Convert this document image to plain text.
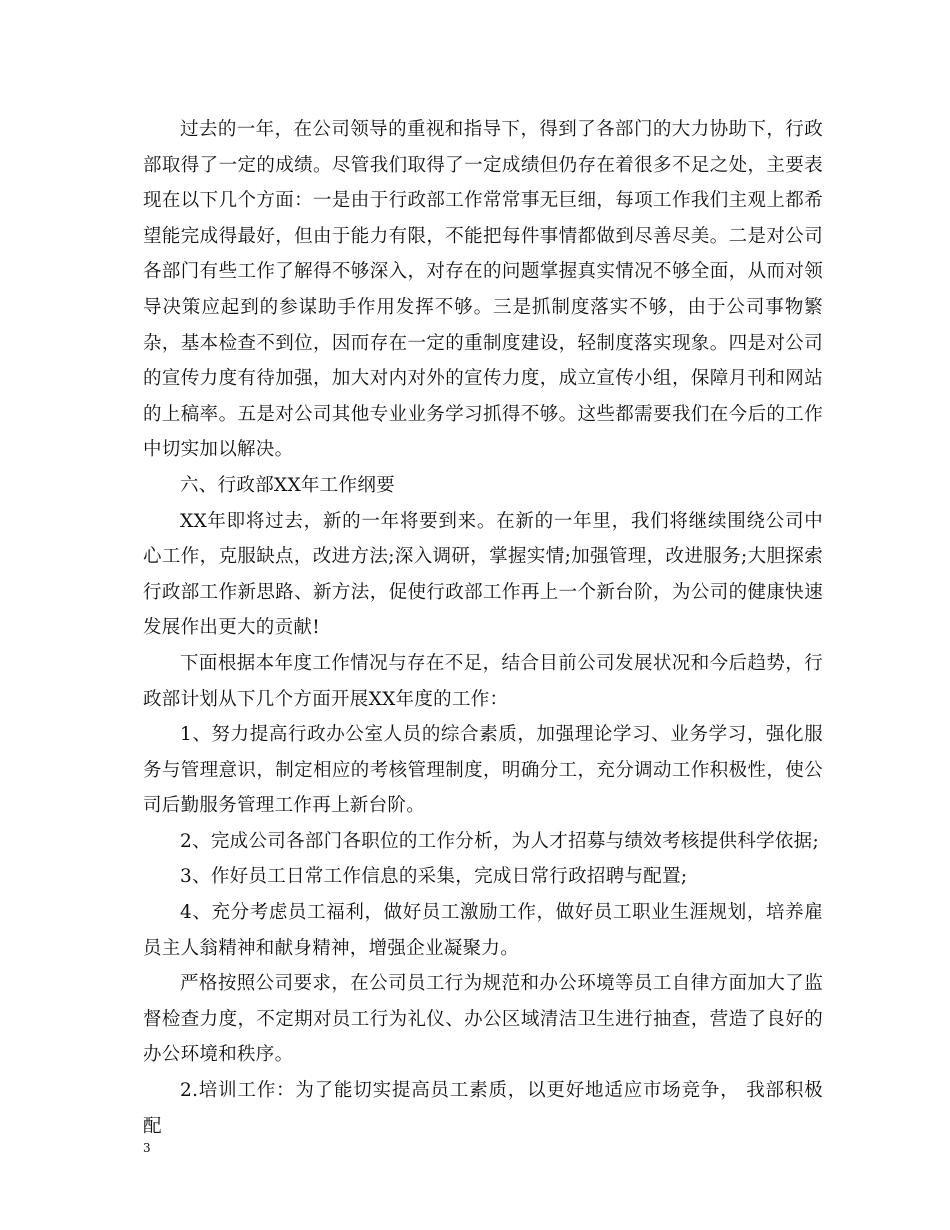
过去的一年，在公司领导的重视和指导下，得到了各部门的大力协助下，行政部取得了一定的成绩。尽管我们取得了一定成绩但仍存在着很多不足之处，主要表现在以下几个方面：一是由于行政部工作常常事无巨细，每项工作我们主观上都希望能完成得最好，但由于能力有限，不能把每件事情都做到尽善尽美。二是对公司各部门有些工作了解得不够深入，对存在的问题掌握真实情况不够全面，从而对领导决策应起到的参谋助手作用发挥不够。三是抓制度落实不够，由于公司事物繁杂，基本检查不到位，因而存在一定的重制度建设，轻制度落实现象。四是对公司的宣传力度有待加强，加大对内对外的宣传力度，成立宣传小组，保障月刊和网站的上稿率。五是对公司其他专业业务学习抓得不够。这些都需要我们在今后的工作中切实加以解决。

六、行政部XX年工作纲要

XX年即将过去，新的一年将要到来。在新的一年里，我们将继续围绕公司中心工作，克服缺点，改进方法;深入调研，掌握实情;加强管理，改进服务;大胆探索行政部工作新思路、新方法，促使行政部工作再上一个新台阶，为公司的健康快速发展作出更大的贡献!

下面根据本年度工作情况与存在不足，结合目前公司发展状况和今后趋势，行政部计划从下几个方面开展XX年度的工作：

1、努力提高行政办公室人员的综合素质，加强理论学习、业务学习，强化服务与管理意识，制定相应的考核管理制度，明确分工，充分调动工作积极性，使公司后勤服务管理工作再上新台阶。

2、完成公司各部门各职位的工作分析，为人才招募与绩效考核提供科学依据;

3、作好员工日常工作信息的采集，完成日常行政招聘与配置;

4、充分考虑员工福利，做好员工激励工作，做好员工职业生涯规划，培养雇员主人翁精神和献身精神，增强企业凝聚力。

严格按照公司要求，在公司员工行为规范和办公环境等员工自律方面加大了监督检查力度，不定期对员工行为礼仪、办公区域清洁卫生进行抽查，营造了良好的办公环境和秩序。

2.培训工作：为了能切实提高员工素质，以更好地适应市场竞争， 我部积极配

3
